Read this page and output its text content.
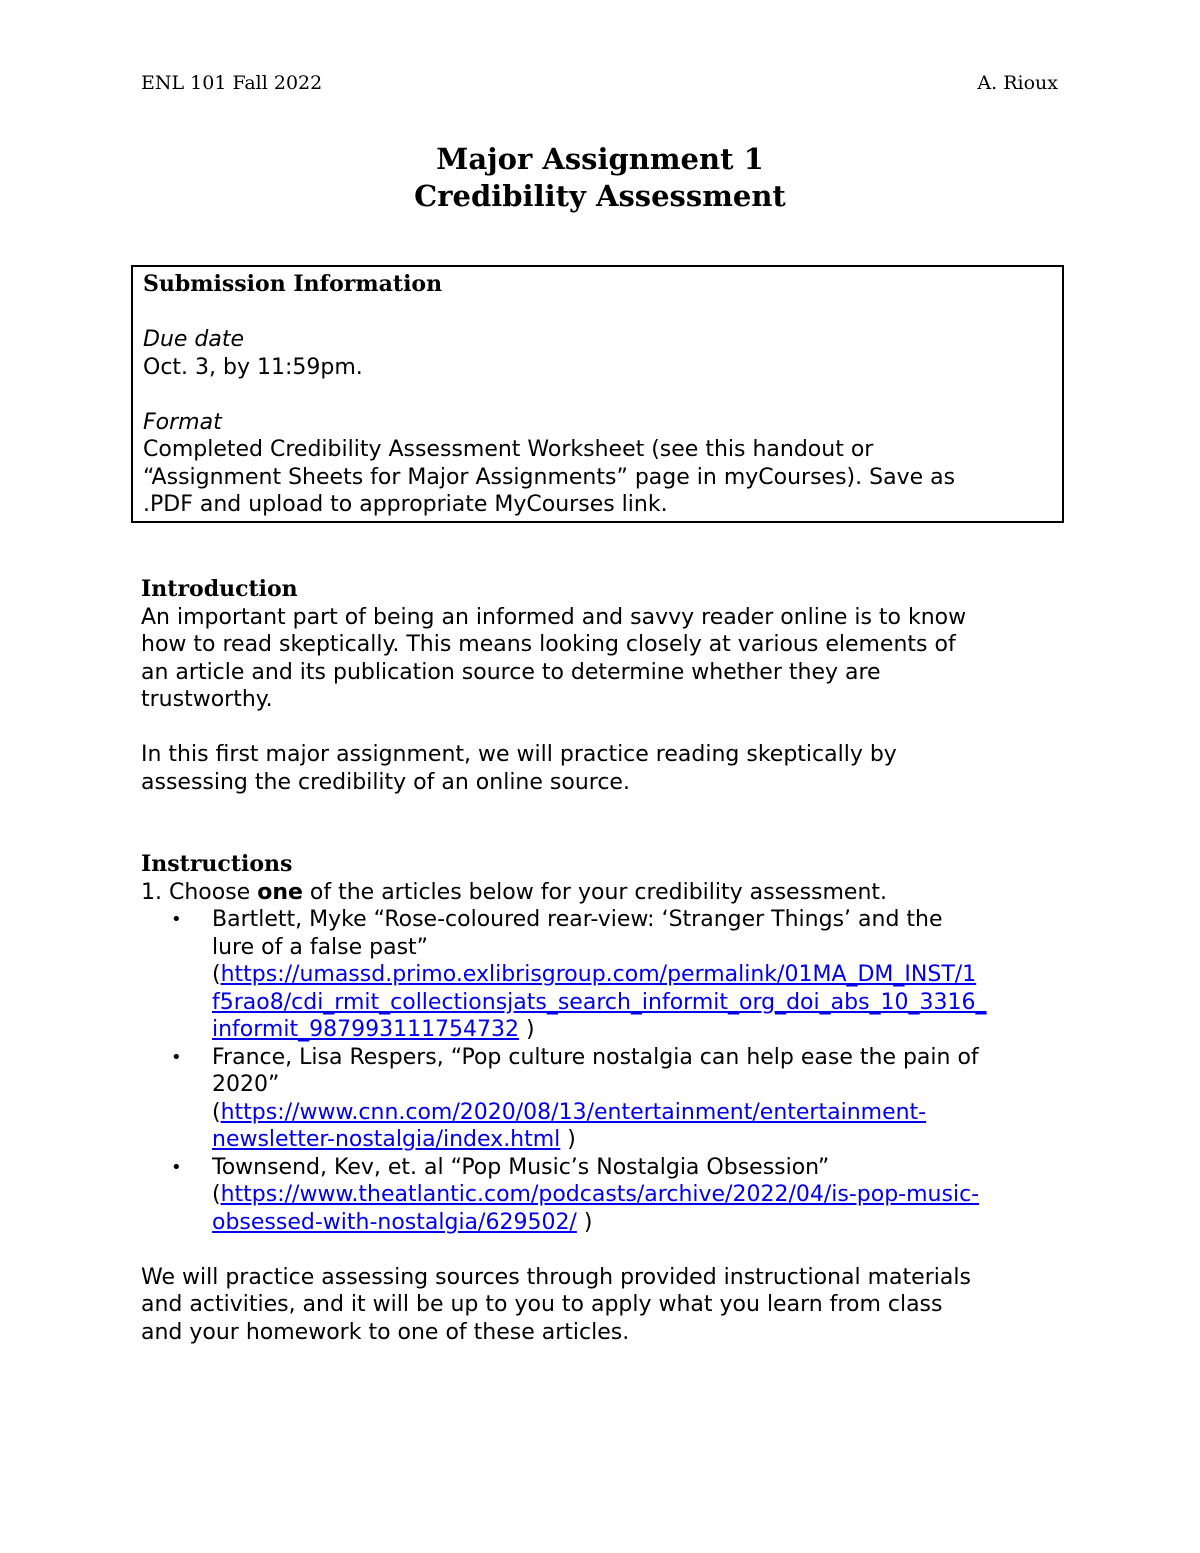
ENL 101 Fall 2022	A. Rioux
Major Assignment 1
Credibility Assessment

Submission Information

Due date

Oct. 3, by 11:59pm.

Format

Completed Credibility Assessment Worksheet (see this handout or

“Assignment Sheets for Major Assignments” page in myCourses). Save as

.PDF and upload to appropriate MyCourses link.

Introduction

An important part of being an informed and savvy reader online is to know

how to read skeptically. This means looking closely at various elements of

an article and its publication source to determine whether they are

trustworthy.

In this first major assignment, we will practice reading skeptically by

assessing the credibility of an online source.

Instructions

1. Choose one of the articles below for your credibility assessment.

• Bartlett, Myke “Rose-coloured rear-view: ‘Stranger Things’ and the
lure of a false past”
(https://umassd.primo.exlibrisgroup.com/permalink/01MA_DM_INST/1
f5rao8/cdi_rmit_collectionsjats_search_informit_org_doi_abs_10_3316_
informit_987993111754732 )
• France, Lisa Respers, “Pop culture nostalgia can help ease the pain of
2020”
(https://www.cnn.com/2020/08/13/entertainment/entertainment-
newsletter-nostalgia/index.html )
• Townsend, Kev, et. al “Pop Music’s Nostalgia Obsession”
(https://www.theatlantic.com/podcasts/archive/2022/04/is-pop-music-
obsessed-with-nostalgia/629502/ )

We will practice assessing sources through provided instructional materials

and activities, and it will be up to you to apply what you learn from class

and your homework to one of these articles.
